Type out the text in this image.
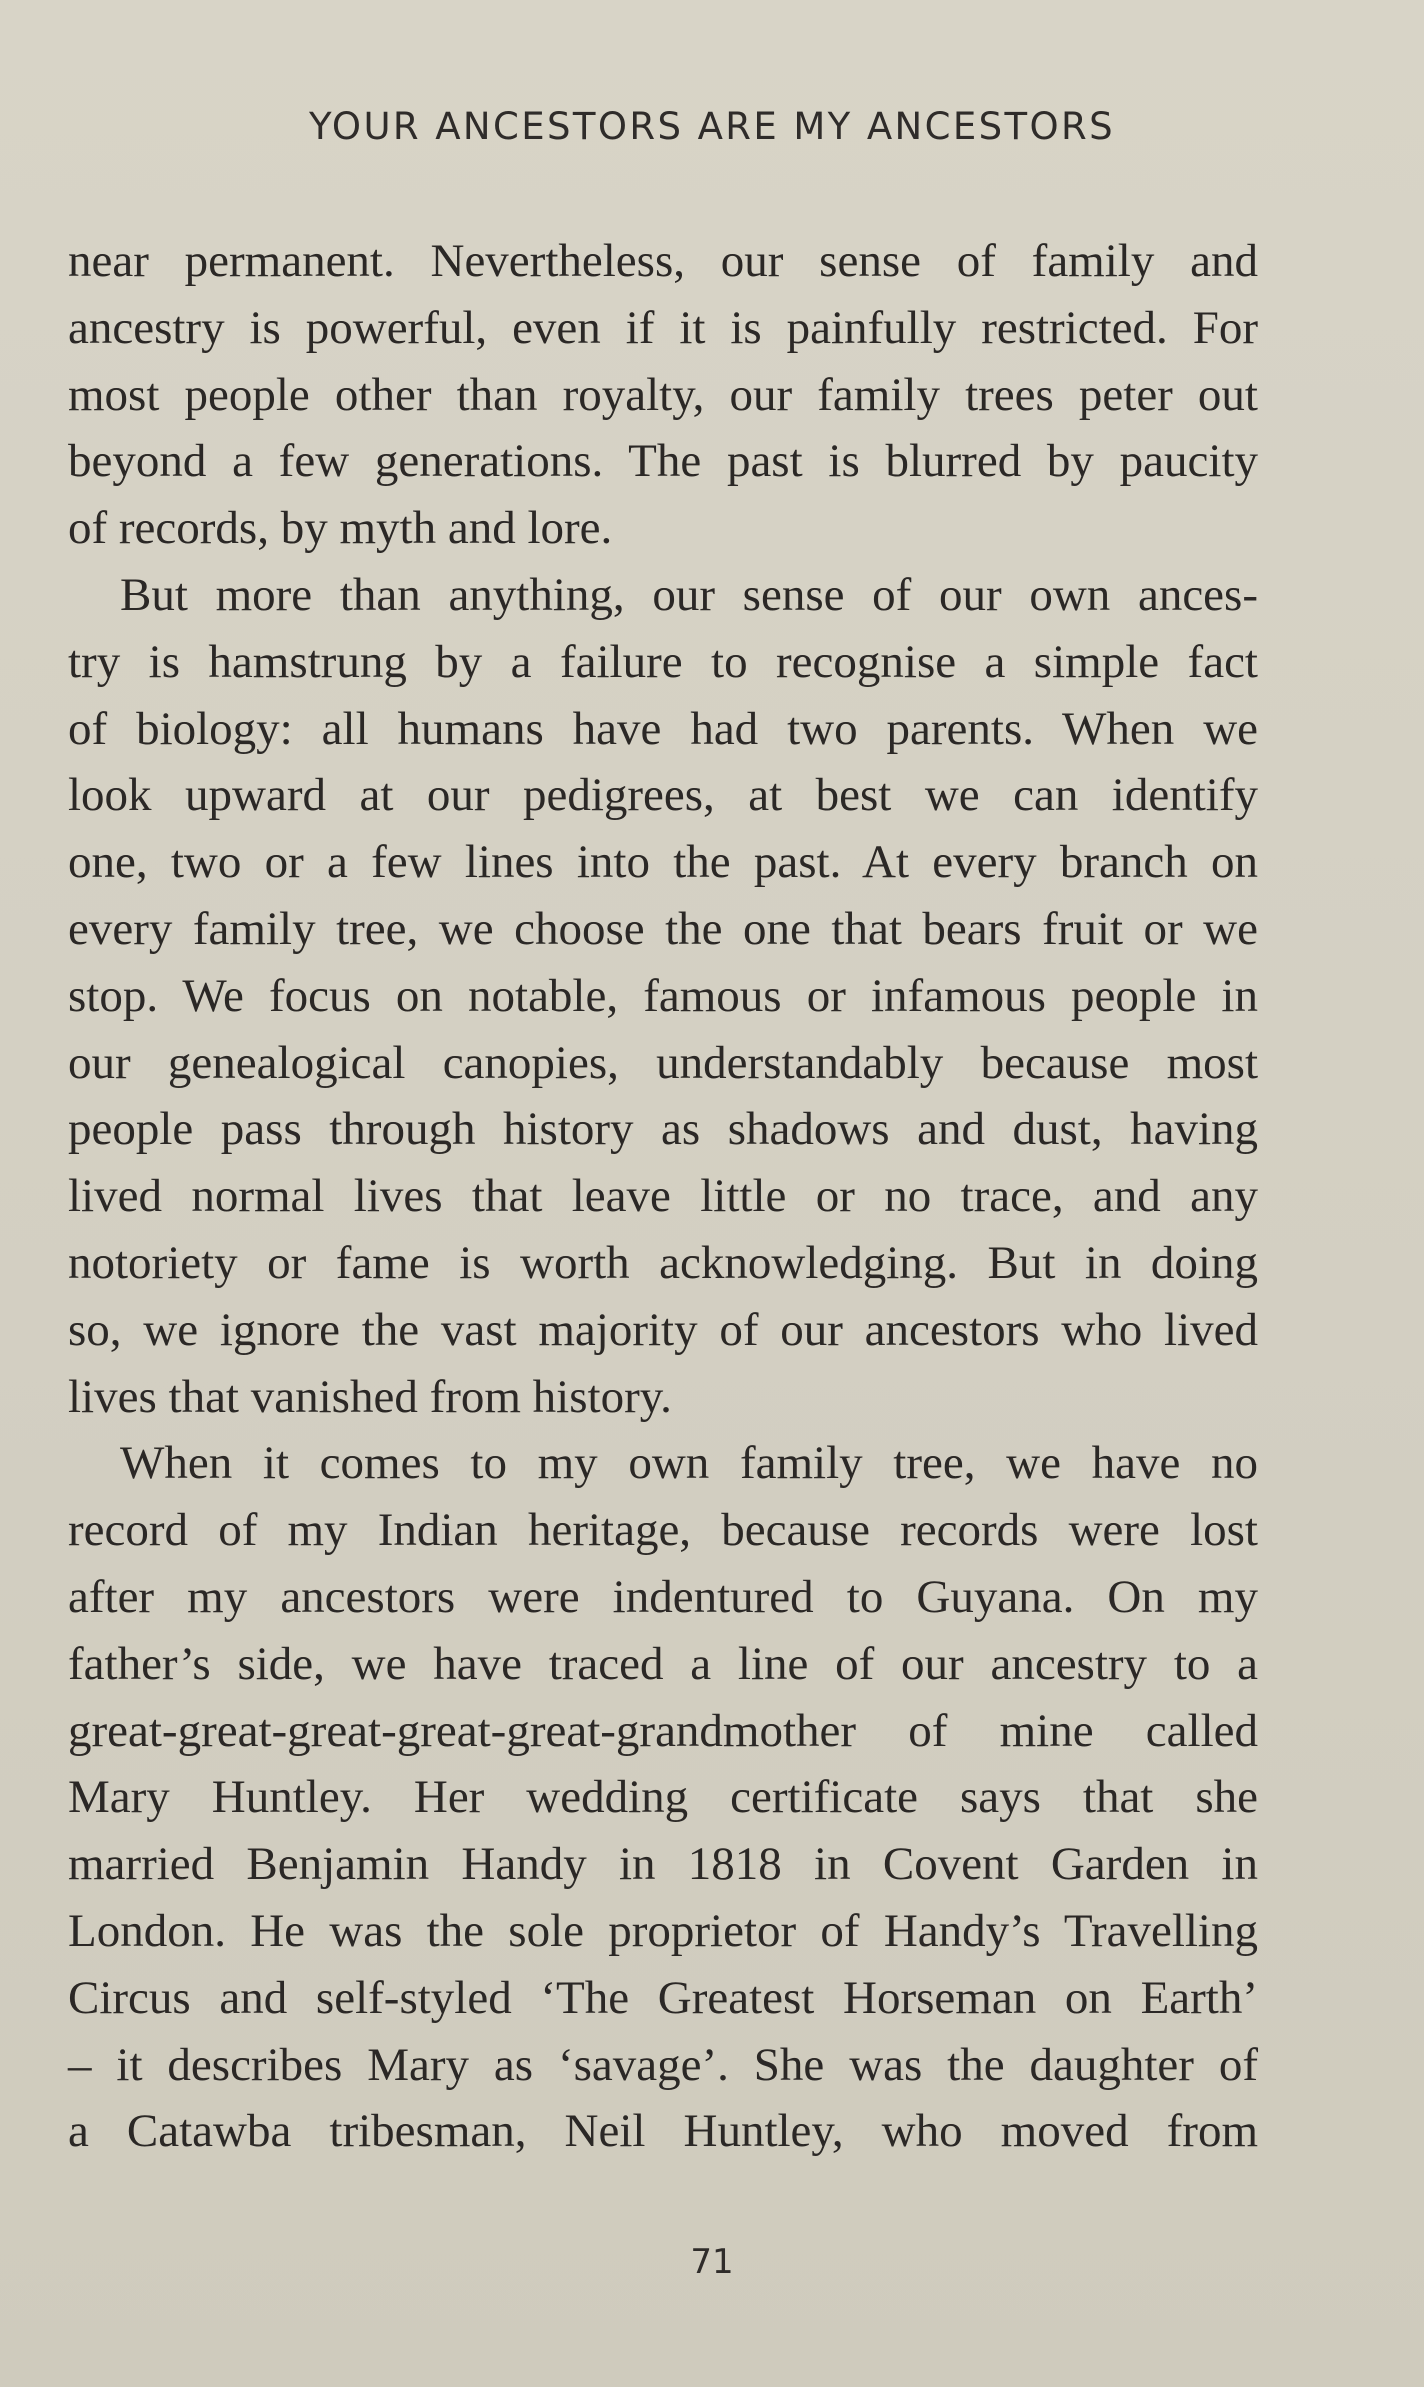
YOUR ANCESTORS ARE MY ANCESTORS
near permanent. Nevertheless, our sense of family and
ancestry is powerful, even if it is painfully restricted. For
most people other than royalty, our family trees peter out
beyond a few generations. The past is blurred by paucity
of records, by myth and lore.
But more than anything, our sense of our own ances-
try is hamstrung by a failure to recognise a simple fact
of biology: all humans have had two parents. When we
look upward at our pedigrees, at best we can identify
one, two or a few lines into the past. At every branch on
every family tree, we choose the one that bears fruit or we
stop. We focus on notable, famous or infamous people in
our genealogical canopies, understandably because most
people pass through history as shadows and dust, having
lived normal lives that leave little or no trace, and any
notoriety or fame is worth acknowledging. But in doing
so, we ignore the vast majority of our ancestors who lived
lives that vanished from history.
When it comes to my own family tree, we have no
record of my Indian heritage, because records were lost
after my ancestors were indentured to Guyana. On my
father’s side, we have traced a line of our ancestry to a
great-great-great-great-great-grandmother of mine called
Mary Huntley. Her wedding certificate says that she
married Benjamin Handy in 1818 in Covent Garden in
London. He was the sole proprietor of Handy’s Travelling
Circus and self-styled ‘The Greatest Horseman on Earth’
– it describes Mary as ‘savage’. She was the daughter of
a Catawba tribesman, Neil Huntley, who moved from
71
